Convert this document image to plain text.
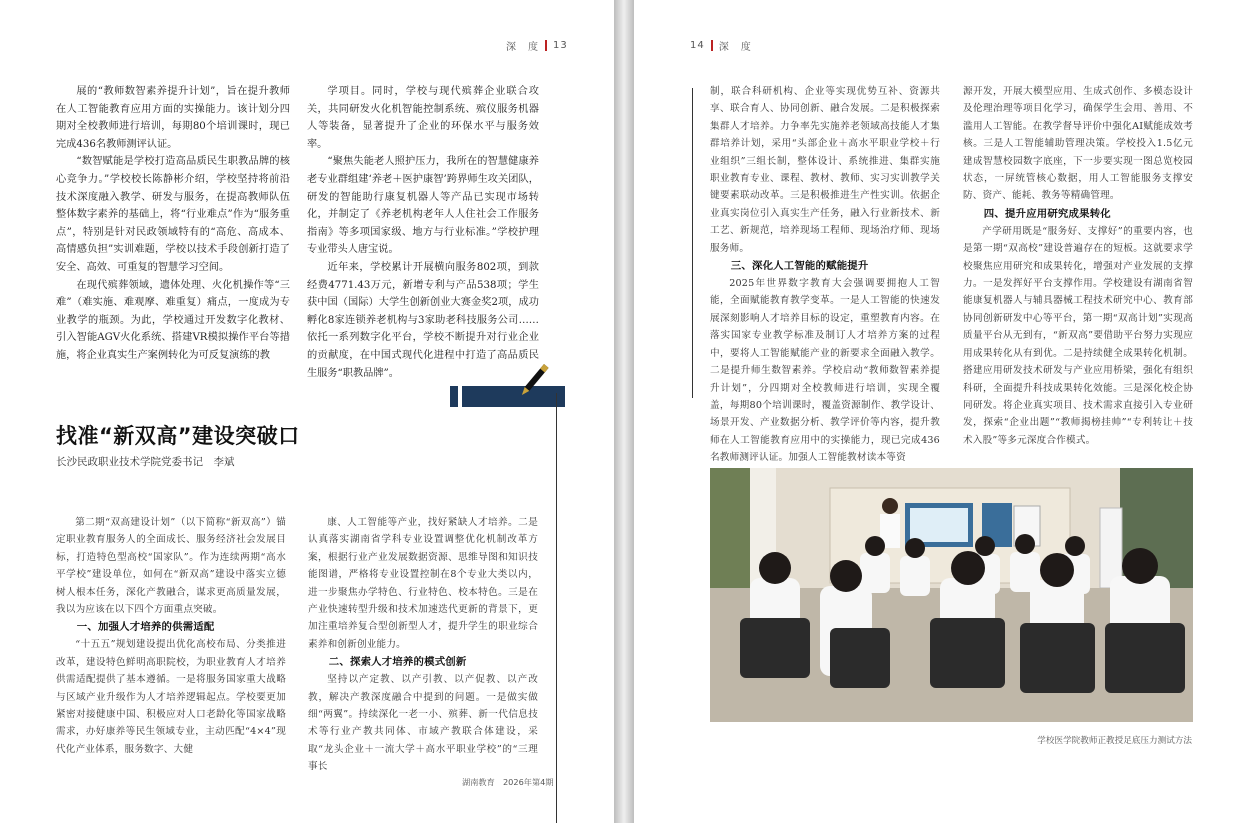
深　度 13

展的“教师数智素养提升计划”，旨在提升教师在人工智能教育应用方面的实操能力。该计划分四期对全校教师进行培训，每期80个培训课时，现已完成436名教师测评认证。

“数智赋能是学校打造高品质民生职教品牌的核心竞争力。”学校校长陈静彬介绍，学校坚持将前沿技术深度融入教学、研发与服务，在提高教师队伍整体数字素养的基础上，将“行业难点”作为“服务重点”，特别是针对民政领域特有的“高危、高成本、高情感负担”实训难题，学校以技术手段创新打造了安全、高效、可重复的智慧学习空间。

在现代殡葬领域，遗体处理、火化机操作等“三难”（难实施、难观摩、难重复）痛点，一度成为专业教学的瓶颈。为此，学校通过开发数字化教材、引入智能AGV火化系统、搭建VR模拟操作平台等措施，将企业真实生产案例转化为可反复演练的教

学项目。同时，学校与现代殡葬企业联合攻关，共同研发火化机智能控制系统、殡仪服务机器人等装备，显著提升了企业的环保水平与服务效率。

“聚焦失能老人照护压力，我所在的智慧健康养老专业群组建‘养老＋医护康智’跨界师生攻关团队，研发的智能助行康复机器人等产品已实现市场转化，并制定了《养老机构老年人人住社会工作服务指南》等多项国家级、地方与行业标准。”学校护理专业带头人唐宝说。

近年来，学校累计开展横向服务802项，到款经费4771.43万元，新增专利与产品538项；学生获中国（国际）大学生创新创业大赛金奖2项，成功孵化8家连锁养老机构与3家助老科技服务公司……依托一系列数字化平台，学校不断提升对行业企业的贡献度，在中国式现代化进程中打造了高品质民生服务“职教品牌”。

找准“新双高”建设突破口
长沙民政职业技术学院党委书记　李斌

第二期“双高建设计划”（以下简称“新双高”）锚定职业教育服务人的全面成长、服务经济社会发展目标，打造特色型高校“国家队”。作为连续两期“高水平学校”建设单位，如何在“新双高”建设中落实立德树人根本任务，深化产教融合，谋求更高质量发展，我以为应该在以下四个方面重点突破。

一、加强人才培养的供需适配

“十五五”规划建设提出优化高校布局、分类推进改革，建设特色鲜明高职院校，为职业教育人才培养供需适配提供了基本遵循。一是将服务国家重大战略与区域产业升级作为人才培养逻辑起点。学校要更加紧密对接健康中国、积极应对人口老龄化等国家战略需求，办好康养等民生领域专业，主动匹配“4×4”现代化产业体系，服务数字、大健

康、人工智能等产业，找好紧缺人才培养。二是认真落实湖南省学科专业设置调整优化机制改革方案，根据行业产业发展数据资源、思维导图和知识技能图谱，严格将专业设置控制在8个专业大类以内，进一步聚焦办学特色、行业特色、校本特色。三是在产业快速转型升级和技术加速迭代更新的背景下，更加注重培养复合型创新型人才，提升学生的职业综合素养和创新创业能力。

二、探索人才培养的模式创新

坚持以产定教、以产引教、以产促教、以产改教，解决产教深度融合中提到的问题。一是做实做细“两翼”。持续深化一老一小、殡葬、新一代信息技术等行业产教共同体、市域产教联合体建设，采取“龙头企业＋一流大学＋高水平职业学校”的“三理事长

湖南教育　2026年第4期
14 深　度

制，联合科研机构、企业等实现优势互补、资源共享、联合育人、协同创新、融合发展。二是积极探索集群人才培养。力争率先实施养老领域高技能人才集群培养计划，采用“头部企业＋高水平职业学校＋行业组织”三组长制，整体设计、系统推进、集群实施职业教育专业、课程、教材、教师、实习实训教学关键要素联动改革。三是积极推进生产性实训。依据企业真实岗位引入真实生产任务，融入行业新技术、新工艺、新规范，培养现场工程师、现场治疗师、现场服务师。

三、深化人工智能的赋能提升

2025年世界数字教育大会强调要拥抱人工智能，全面赋能教育教学变革。一是人工智能的快速发展深刻影响人才培养目标的设定，重塑教育内容。在落实国家专业教学标准及制订人才培养方案的过程中，要将人工智能赋能产业的新要求全面融入教学。二是提升师生数智素养。学校启动“教师数智素养提升计划”，分四期对全校教师进行培训，实现全覆盖，每期80个培训课时，覆盖资源制作、教学设计、场景开发、产业数据分析、教学评价等内容，提升教师在人工智能教育应用中的实操能力，现已完成436名教师测评认证。加强人工智能教材读本等资

源开发，开展大模型应用、生成式创作、多模态设计及伦理治理等项目化学习，确保学生会用、善用、不滥用人工智能。在教学督导评价中强化AI赋能成效考核。三是人工智能辅助管理决策。学校投入1.5亿元建成智慧校园数字底座，下一步要实现一图总览校园状态，一屏统管核心数据，用人工智能服务支撑安防、资产、能耗、教务等精确管理。

四、提升应用研究成果转化

产学研用既是“服务好、支撑好”的重要内容，也是第一期“双高校”建设普遍存在的短板。这就要求学校聚焦应用研究和成果转化，增强对产业发展的支撑力。一是发挥好平台支撑作用。学校建设有湖南省智能康复机器人与辅具器械工程技术研究中心、教育部协同创新研发中心等平台，第一期“双高计划”实现高质量平台从无到有，“新双高”要借助平台努力实现应用成果转化从有到优。二是持续健全成果转化机制。搭建应用研发技术研发与产业应用桥梁，强化有组织科研，全面提升科技成果转化效能。三是深化校企协同研发。将企业真实项目、技术需求直接引入专业研发，探索“企业出题”“教师揭榜挂帅”“专利转让＋技术入股”等多元深度合作模式。

学校医学院教师正教授足底压力测试方法
